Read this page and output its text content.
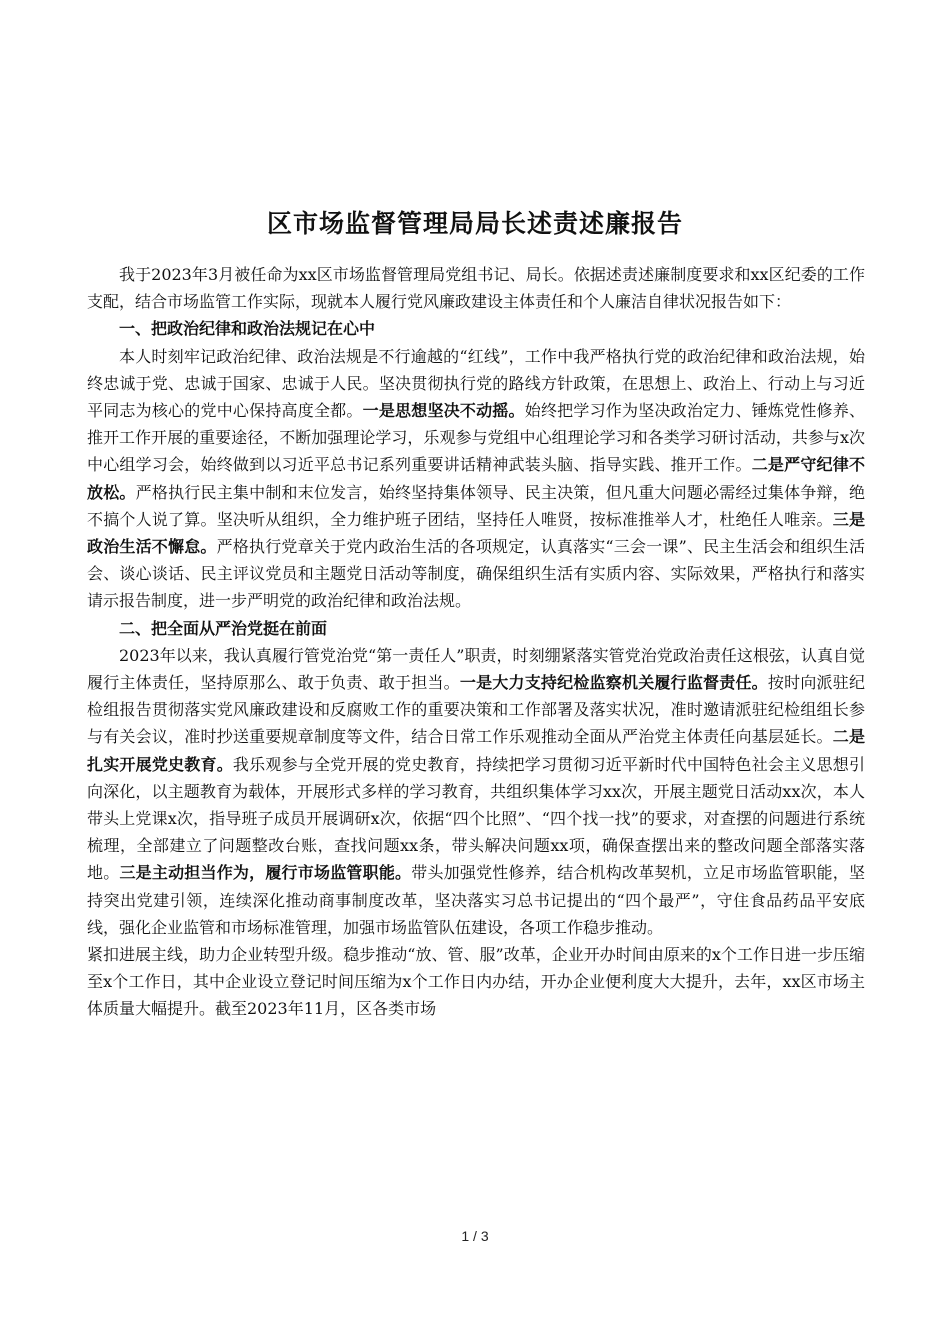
区市场监督管理局局长述责述廉报告

我于2023年3月被任命为xx区市场监督管理局党组书记、局长。依据述责述廉制度要求和xx区纪委的工作支配，结合市场监管工作实际，现就本人履行党风廉政建设主体责任和个人廉洁自律状况报告如下：

一、把政治纪律和政治法规记在心中

本人时刻牢记政治纪律、政治法规是不行逾越的“红线”，工作中我严格执行党的政治纪律和政治法规，始终忠诚于党、忠诚于国家、忠诚于人民。坚决贯彻执行党的路线方针政策，在思想上、政治上、行动上与习近平同志为核心的党中心保持高度全都。一是思想坚决不动摇。始终把学习作为坚决政治定力、锤炼党性修养、推开工作开展的重要途径，不断加强理论学习，乐观参与党组中心组理论学习和各类学习研讨活动，共参与x次中心组学习会，始终做到以习近平总书记系列重要讲话精神武装头脑、指导实践、推开工作。二是严守纪律不放松。严格执行民主集中制和末位发言，始终坚持集体领导、民主决策，但凡重大问题必需经过集体争辩，绝不搞个人说了算。坚决听从组织，全力维护班子团结，坚持任人唯贤，按标准推举人才，杜绝任人唯亲。三是政治生活不懈怠。严格执行党章关于党内政治生活的各项规定，认真落实“三会一课”、民主生活会和组织生活会、谈心谈话、民主评议党员和主题党日活动等制度，确保组织生活有实质内容、实际效果，严格执行和落实请示报告制度，进一步严明党的政治纪律和政治法规。

二、把全面从严治党挺在前面

2023年以来，我认真履行管党治党“第一责任人”职责，时刻绷紧落实管党治党政治责任这根弦，认真自觉履行主体责任，坚持原那么、敢于负责、敢于担当。一是大力支持纪检监察机关履行监督责任。按时向派驻纪检组报告贯彻落实党风廉政建设和反腐败工作的重要决策和工作部署及落实状况，准时邀请派驻纪检组组长参与有关会议，准时抄送重要规章制度等文件，结合日常工作乐观推动全面从严治党主体责任向基层延长。二是扎实开展党史教育。我乐观参与全党开展的党史教育，持续把学习贯彻习近平新时代中国特色社会主义思想引向深化，以主题教育为载体，开展形式多样的学习教育，共组织集体学习xx次，开展主题党日活动xx次，本人带头上党课x次，指导班子成员开展调研x次，依据“四个比照”、“四个找一找”的要求，对查摆的问题进行系统梳理，全部建立了问题整改台账，查找问题xx条，带头解决问题xx项，确保查摆出来的整改问题全部落实落地。三是主动担当作为，履行市场监管职能。带头加强党性修养，结合机构改革契机，立足市场监管职能，坚持突出党建引领，连续深化推动商事制度改革，坚决落实习总书记提出的“四个最严”，守住食品药品平安底线，强化企业监管和市场标准管理，加强市场监管队伍建设，各项工作稳步推动。

紧扣进展主线，助力企业转型升级。稳步推动“放、管、服”改革，企业开办时间由原来的x个工作日进一步压缩至x个工作日，其中企业设立登记时间压缩为x个工作日内办结，开办企业便利度大大提升，去年，xx区市场主体质量大幅提升。截至2023年11月，区各类市场

1 / 3
